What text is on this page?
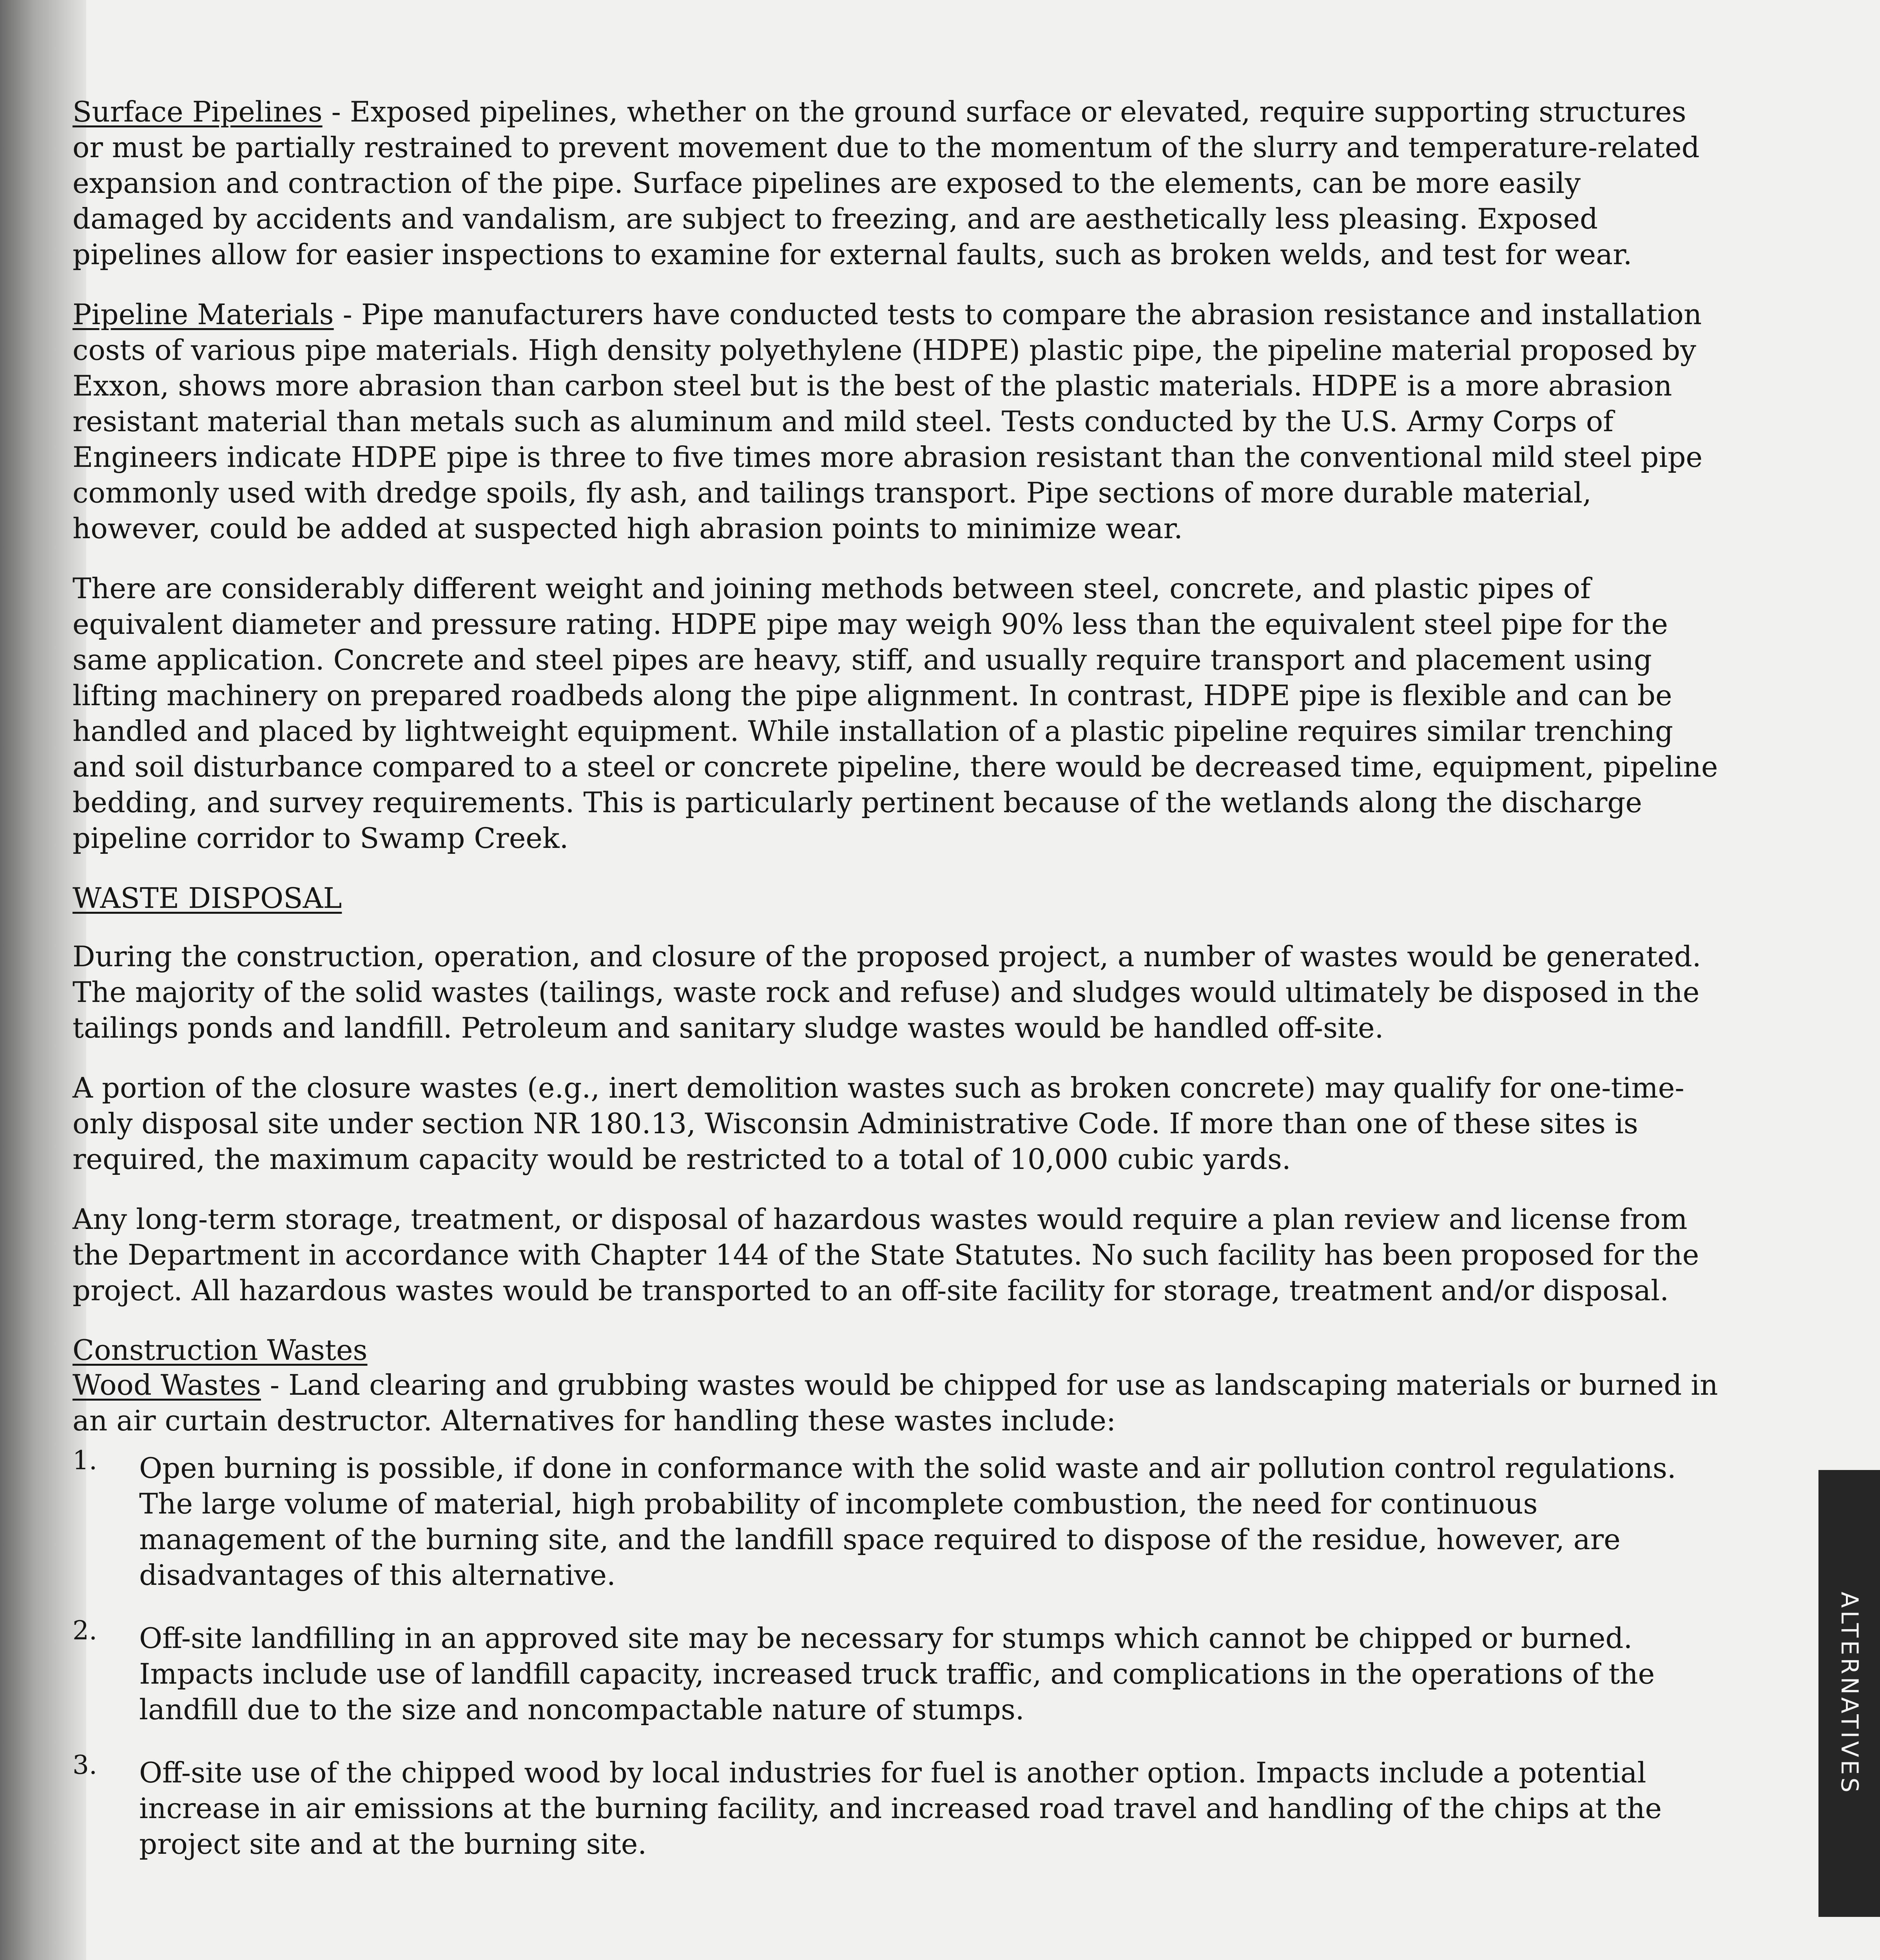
Surface Pipelines - Exposed pipelines, whether on the ground surface or elevated, require supporting structures or must be partially restrained to prevent movement due to the momentum of the slurry and temperature-related expansion and contraction of the pipe. Surface pipelines are exposed to the elements, can be more easily damaged by accidents and vandalism, are subject to freezing, and are aesthetically less pleasing. Exposed pipelines allow for easier inspections to examine for external faults, such as broken welds, and test for wear.

Pipeline Materials - Pipe manufacturers have conducted tests to compare the abrasion resistance and installation costs of various pipe materials. High density polyethylene (HDPE) plastic pipe, the pipeline material proposed by Exxon, shows more abrasion than carbon steel but is the best of the plastic materials. HDPE is a more abrasion resistant material than metals such as aluminum and mild steel. Tests conducted by the U.S. Army Corps of Engineers indicate HDPE pipe is three to five times more abrasion resistant than the conventional mild steel pipe commonly used with dredge spoils, fly ash, and tailings transport. Pipe sections of more durable material, however, could be added at suspected high abrasion points to minimize wear.

There are considerably different weight and joining methods between steel, concrete, and plastic pipes of equivalent diameter and pressure rating. HDPE pipe may weigh 90% less than the equivalent steel pipe for the same application. Concrete and steel pipes are heavy, stiff, and usually require transport and placement using lifting machinery on prepared roadbeds along the pipe alignment. In contrast, HDPE pipe is flexible and can be handled and placed by lightweight equipment. While installation of a plastic pipeline requires similar trenching and soil disturbance compared to a steel or concrete pipeline, there would be decreased time, equipment, pipeline bedding, and survey requirements. This is particularly pertinent because of the wetlands along the discharge pipeline corridor to Swamp Creek.

WASTE DISPOSAL

During the construction, operation, and closure of the proposed project, a number of wastes would be generated. The majority of the solid wastes (tailings, waste rock and refuse) and sludges would ultimately be disposed in the tailings ponds and landfill. Petroleum and sanitary sludge wastes would be handled off-site.

A portion of the closure wastes (e.g., inert demolition wastes such as broken concrete) may qualify for one-time-only disposal site under section NR 180.13, Wisconsin Administrative Code. If more than one of these sites is required, the maximum capacity would be restricted to a total of 10,000 cubic yards.

Any long-term storage, treatment, or disposal of hazardous wastes would require a plan review and license from the Department in accordance with Chapter 144 of the State Statutes. No such facility has been proposed for the project. All hazardous wastes would be transported to an off-site facility for storage, treatment and/or disposal.

Construction Wastes

Wood Wastes - Land clearing and grubbing wastes would be chipped for use as landscaping materials or burned in an air curtain destructor. Alternatives for handling these wastes include:

1. Open burning is possible, if done in conformance with the solid waste and air pollution control regulations. The large volume of material, high probability of incomplete combustion, the need for continuous management of the burning site, and the landfill space required to dispose of the residue, however, are disadvantages of this alternative.
2. Off-site landfilling in an approved site may be necessary for stumps which cannot be chipped or burned. Impacts include use of landfill capacity, increased truck traffic, and complications in the operations of the landfill due to the size and noncompactable nature of stumps.
3. Off-site use of the chipped wood by local industries for fuel is another option. Impacts include a potential increase in air emissions at the burning facility, and increased road travel and handling of the chips at the project site and at the burning site.
ALTERNATIVES
